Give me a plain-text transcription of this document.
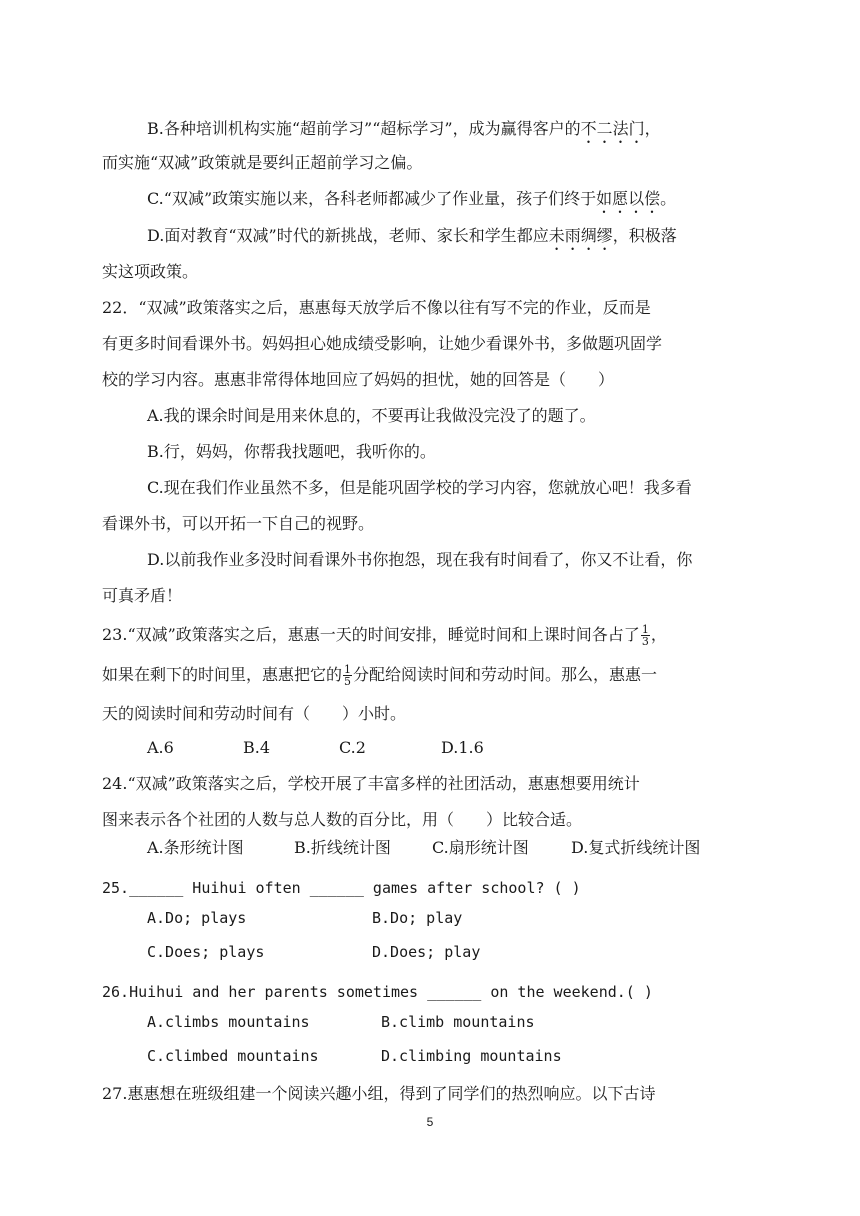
B.各种培训机构实施“超前学习”“超标学习”，成为赢得客户的不二法门，
而实施“双减”政策就是要纠正超前学习之偏。
C.“双减”政策实施以来，各科老师都减少了作业量，孩子们终于如愿以偿。
D.面对教育“双减”时代的新挑战，老师、家长和学生都应未雨绸缪，积极落
实这项政策。
22．“双减”政策落实之后，惠惠每天放学后不像以往有写不完的作业，反而是
有更多时间看课外书。妈妈担心她成绩受影响，让她少看课外书，多做题巩固学
校的学习内容。惠惠非常得体地回应了妈妈的担忧，她的回答是（　　）
A.我的课余时间是用来休息的，不要再让我做没完没了的题了。
B.行，妈妈，你帮我找题吧，我听你的。
C.现在我们作业虽然不多，但是能巩固学校的学习内容，您就放心吧！我多看
看课外书，可以开拓一下自己的视野。
D.以前我作业多没时间看课外书你抱怨，现在我有时间看了，你又不让看，你
可真矛盾！
23.“双减”政策落实之后，惠惠一天的时间安排，睡觉时间和上课时间各占了 $\frac{1}{3}$ ，
如果在剩下的时间里，惠惠把它的 $\frac{1}{5}$ 分配给阅读时间和劳动时间。那么，惠惠一
天的阅读时间和劳动时间有（　　）小时。
A.6	B.4	C.2	D.1.6
24.“双减”政策落实之后，学校开展了丰富多样的社团活动，惠惠想要用统计
图来表示各个社团的人数与总人数的百分比，用（　　）比较合适。
A.条形统计图	B.折线统计图	C.扇形统计图	D.复式折线统计图
25.______ Huihui often ______ games after school? ( )
A.Do; plays	B.Do; play
C.Does; plays	D.Does; play
26.Huihui and her parents sometimes ______ on the weekend.( )
A.climbs mountains	B.climb mountains
C.climbed mountains	D.climbing mountains
27.惠惠想在班级组建一个阅读兴趣小组，得到了同学们的热烈响应。以下古诗
5
